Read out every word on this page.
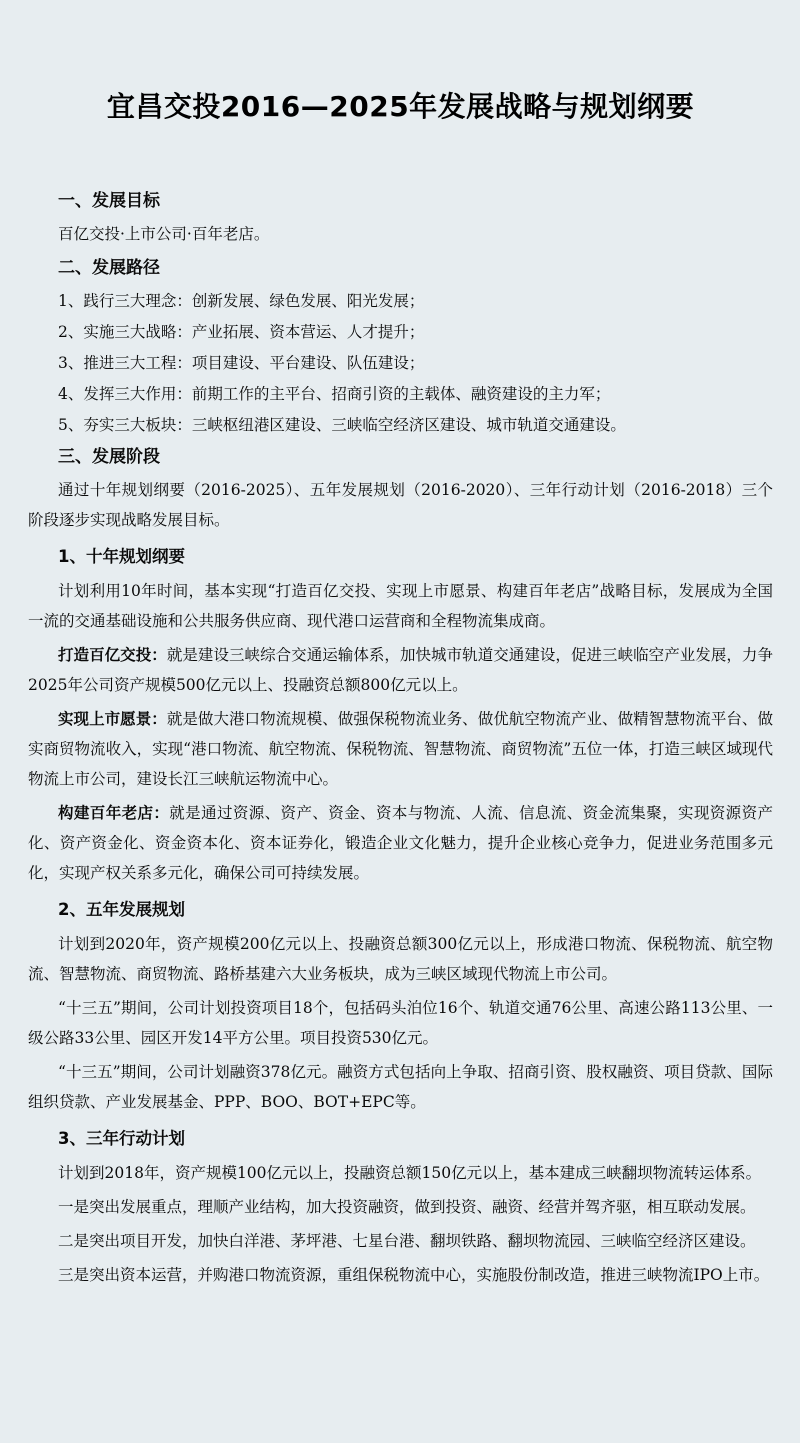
宜昌交投2016—2025年发展战略与规划纲要

一、发展目标

百亿交投·上市公司·百年老店。

二、发展路径

1、践行三大理念：创新发展、绿色发展、阳光发展；

2、实施三大战略：产业拓展、资本营运、人才提升；

3、推进三大工程：项目建设、平台建设、队伍建设；

4、发挥三大作用：前期工作的主平台、招商引资的主载体、融资建设的主力军；

5、夯实三大板块：三峡枢纽港区建设、三峡临空经济区建设、城市轨道交通建设。

三、发展阶段

通过十年规划纲要（2016-2025）、五年发展规划（2016-2020）、三年行动计划（2016-2018）三个阶段逐步实现战略发展目标。

1、十年规划纲要

计划利用10年时间，基本实现“打造百亿交投、实现上市愿景、构建百年老店”战略目标，发展成为全国一流的交通基础设施和公共服务供应商、现代港口运营商和全程物流集成商。

打造百亿交投：就是建设三峡综合交通运输体系，加快城市轨道交通建设，促进三峡临空产业发展，力争2025年公司资产规模500亿元以上、投融资总额800亿元以上。

实现上市愿景：就是做大港口物流规模、做强保税物流业务、做优航空物流产业、做精智慧物流平台、做实商贸物流收入，实现“港口物流、航空物流、保税物流、智慧物流、商贸物流”五位一体，打造三峡区域现代物流上市公司，建设长江三峡航运物流中心。

构建百年老店：就是通过资源、资产、资金、资本与物流、人流、信息流、资金流集聚，实现资源资产化、资产资金化、资金资本化、资本证券化，锻造企业文化魅力，提升企业核心竞争力，促进业务范围多元化，实现产权关系多元化，确保公司可持续发展。

2、五年发展规划

计划到2020年，资产规模200亿元以上、投融资总额300亿元以上，形成港口物流、保税物流、航空物流、智慧物流、商贸物流、路桥基建六大业务板块，成为三峡区域现代物流上市公司。

“十三五”期间，公司计划投资项目18个，包括码头泊位16个、轨道交通76公里、高速公路113公里、一级公路33公里、园区开发14平方公里。项目投资530亿元。

“十三五”期间，公司计划融资378亿元。融资方式包括向上争取、招商引资、股权融资、项目贷款、国际组织贷款、产业发展基金、PPP、BOO、BOT+EPC等。

3、三年行动计划

计划到2018年，资产规模100亿元以上，投融资总额150亿元以上，基本建成三峡翻坝物流转运体系。

一是突出发展重点，理顺产业结构，加大投资融资，做到投资、融资、经营并驾齐驱，相互联动发展。

二是突出项目开发，加快白洋港、茅坪港、七星台港、翻坝铁路、翻坝物流园、三峡临空经济区建设。

三是突出资本运营，并购港口物流资源，重组保税物流中心，实施股份制改造，推进三峡物流IPO上市。
